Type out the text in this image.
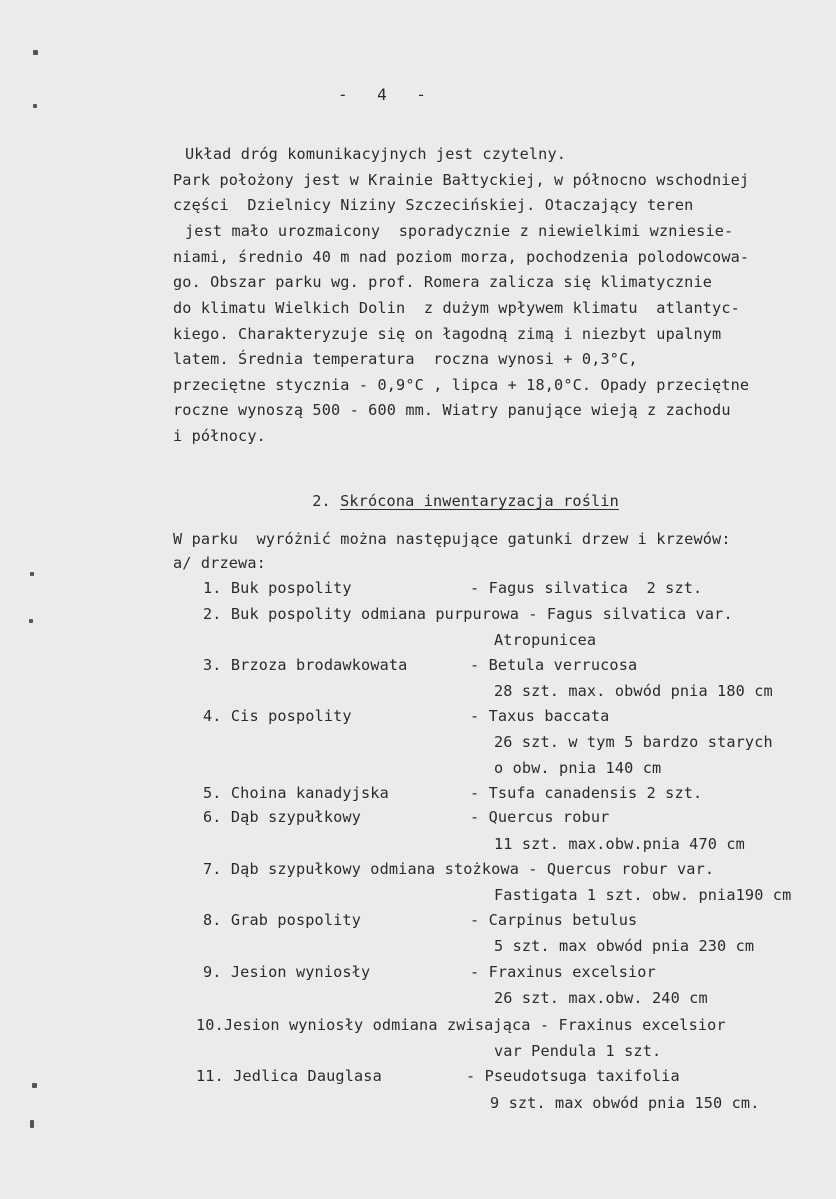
-   4   -
Układ dróg komunikacyjnych jest czytelny.
Park położony jest w Krainie Bałtyckiej, w północno wschodniej
części  Dzielnicy Niziny Szczecińskiej. Otaczający teren
jest mało urozmaicony  sporadycznie z niewielkimi wzniesie-
niami, średnio 40 m nad poziom morza, pochodzenia polodowcowa-
go. Obszar parku wg. prof. Romera zalicza się klimatycznie
do klimatu Wielkich Dolin  z dużym wpływem klimatu  atlantyc-
kiego. Charakteryzuje się on łagodną zimą i niezbyt upalnym
latem. Średnia temperatura  roczna wynosi + 0,3°C,
przeciętne stycznia - 0,9°C , lipca + 18,0°C. Opady przeciętne
roczne wynoszą 500 - 600 mm. Wiatry panujące wieją z zachodu
i północy.

2. Skrócona inwentaryzacja roślin

W parku  wyróżnić można następujące gatunki drzew i krzewów:
a/ drzewa:
1. Buk pospolity	- Fagus silvatica  2 szt.
2. Buk pospolity odmiana purpurowa - Fagus silvatica var.
Atropunicea
3. Brzoza brodawkowata	- Betula verrucosa
28 szt. max. obwód pnia 180 cm
4. Cis pospolity	- Taxus baccata
26 szt. w tym 5 bardzo starych
o obw. pnia 140 cm
5. Choina kanadyjska	- Tsufa canadensis 2 szt.
6. Dąb szypułkowy	- Quercus robur
11 szt. max.obw.pnia 470 cm
7. Dąb szypułkowy odmiana stożkowa - Quercus robur var.
Fastigata 1 szt. obw. pnia190 cm
8. Grab pospolity	- Carpinus betulus
5 szt. max obwód pnia 230 cm
9. Jesion wyniosły	- Fraxinus excelsior
26 szt. max.obw. 240 cm
10.Jesion wyniosły odmiana zwisająca - Fraxinus excelsior
var Pendula 1 szt.
11. Jedlica Dauglasa	- Pseudotsuga taxifolia
9 szt. max obwód pnia 150 cm.
